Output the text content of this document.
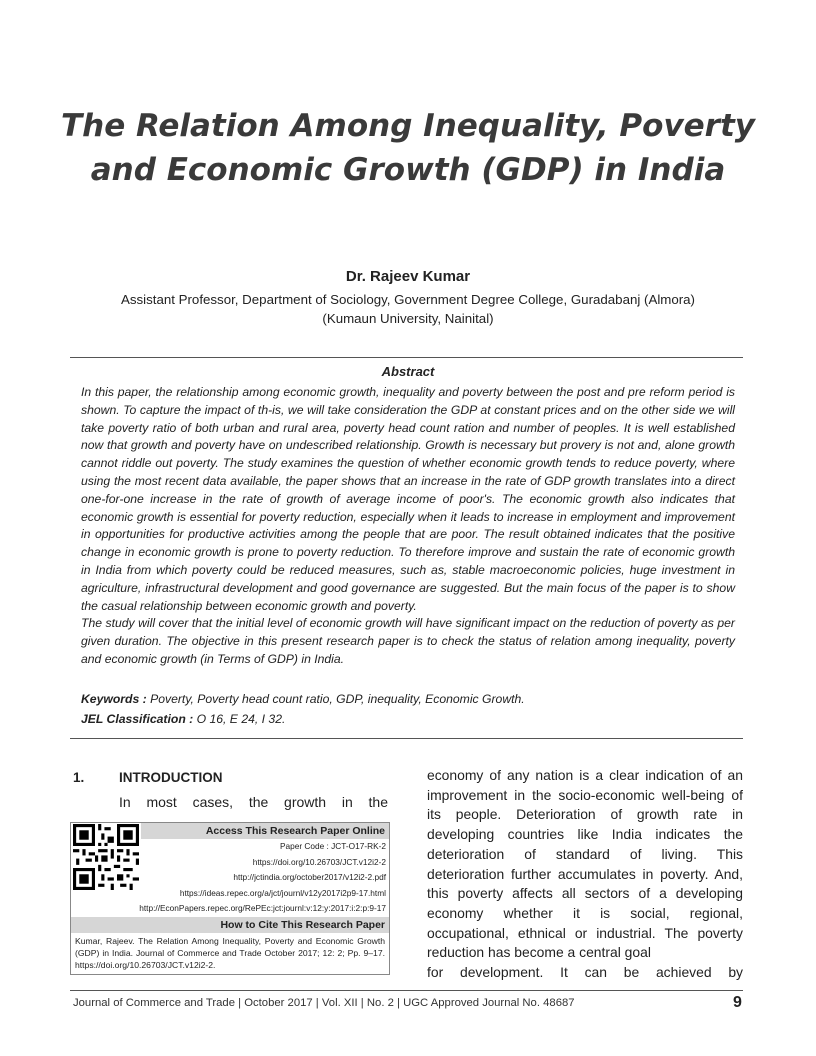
The Relation Among Inequality, Poverty
and Economic Growth (GDP) in India
Dr. Rajeev Kumar
Assistant Professor, Department of Sociology, Government Degree College, Guradabanj (Almora)
(Kumaun University, Nainital)
Abstract

In this paper, the relationship among economic growth, inequality and poverty between the post and pre reform period is shown. To capture the impact of th-is, we will take consideration the GDP at constant prices and on the other side we will take poverty ratio of both urban and rural area, poverty head count ration and number of peoples. It is well established now that growth and poverty have on undescribed relationship. Growth is necessary but provery is not and, alone growth cannot riddle out poverty. The study examines the question of whether economic growth tends to reduce poverty, where using the most recent data available, the paper shows that an increase in the rate of GDP growth translates into a direct one-for-one increase in the rate of growth of average income of poor's. The economic growth also indicates that economic growth is essential for poverty reduction, especially when it leads to increase in employment and improvement in opportunities for productive activities among the people that are poor. The result obtained indicates that the positive change in economic growth is prone to poverty reduction. To therefore improve and sustain the rate of economic growth in India from which poverty could be reduced measures, such as, stable macroeconomic policies, huge investment in agriculture, infrastructural development and good governance are suggested. But the main focus of the paper is to show the casual relationship between economic growth and poverty.

The study will cover that the initial level of economic growth will have significant impact on the reduction of poverty as per given duration. The objective in this present research paper is to check the status of relation among inequality, poverty and economic growth (in Terms of GDP) in India.

Keywords : Poverty, Poverty head count ratio, GDP, inequality, Economic Growth.
JEL Classification : O 16, E 24, I 32.
1.	INTRODUCTION
In most cases, the growth in the
Access This Research Paper Online
Paper Code : JCT-O17-RK-2
https://doi.org/10.26703/JCT.v12i2-2
http://jctindia.org/october2017/v12i2-2.pdf
https://ideas.repec.org/a/jct/journl/v12y2017i2p9-17.html
http://EconPapers.repec.org/RePEc:jct:journl:v:12:y:2017:i:2:p:9-17
How to Cite This Research Paper
Kumar, Rajeev. The Relation Among Inequality, Poverty and Economic Growth (GDP) in India. Journal of Commerce and Trade October 2017; 12: 2; Pp. 9–17. https://doi.org/10.26703/JCT.v12i2-2.
economy of any nation is a clear indication of an improvement in the socio-economic well-being of its people. Deterioration of growth rate in developing countries like India indicates the deterioration of standard of living. This deterioration further accumulates in poverty. And, this poverty affects all sectors of a developing economy whether it is social, regional, occupational, ethnical or industrial. The poverty reduction has become a central goal
for development. It can be achieved by
Journal of Commerce and Trade | October 2017 | Vol. XII | No. 2 | UGC Approved Journal No. 48687	9
